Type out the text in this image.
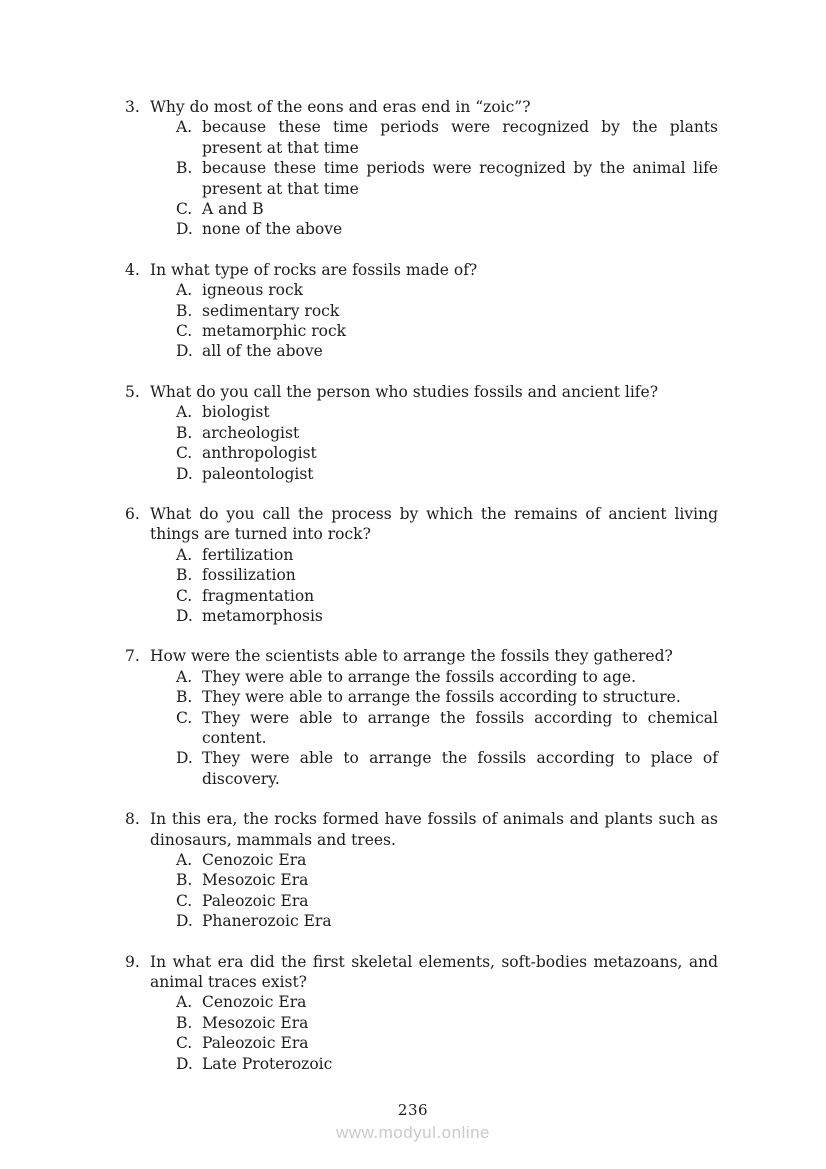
3. Why do most of the eons and eras end in “zoic”?
A. because these time periods were recognized by the plants present at that time
B. because these time periods were recognized by the animal life present at that time
C. A and B
D. none of the above
4. In what type of rocks are fossils made of?
A. igneous rock
B. sedimentary rock
C. metamorphic rock
D. all of the above
5. What do you call the person who studies fossils and ancient life?
A. biologist
B. archeologist
C. anthropologist
D. paleontologist
6. What do you call the process by which the remains of ancient living things are turned into rock?
A. fertilization
B. fossilization
C. fragmentation
D. metamorphosis
7. How were the scientists able to arrange the fossils they gathered?
A. They were able to arrange the fossils according to age.
B. They were able to arrange the fossils according to structure.
C. They were able to arrange the fossils according to chemical content.
D. They were able to arrange the fossils according to place of discovery.
8. In this era, the rocks formed have fossils of animals and plants such as dinosaurs, mammals and trees.
A. Cenozoic Era
B. Mesozoic Era
C. Paleozoic Era
D. Phanerozoic Era
9. In what era did the first skeletal elements, soft-bodies metazoans, and animal traces exist?
A. Cenozoic Era
B. Mesozoic Era
C. Paleozoic Era
D. Late Proterozoic
236
www.modyul.online
